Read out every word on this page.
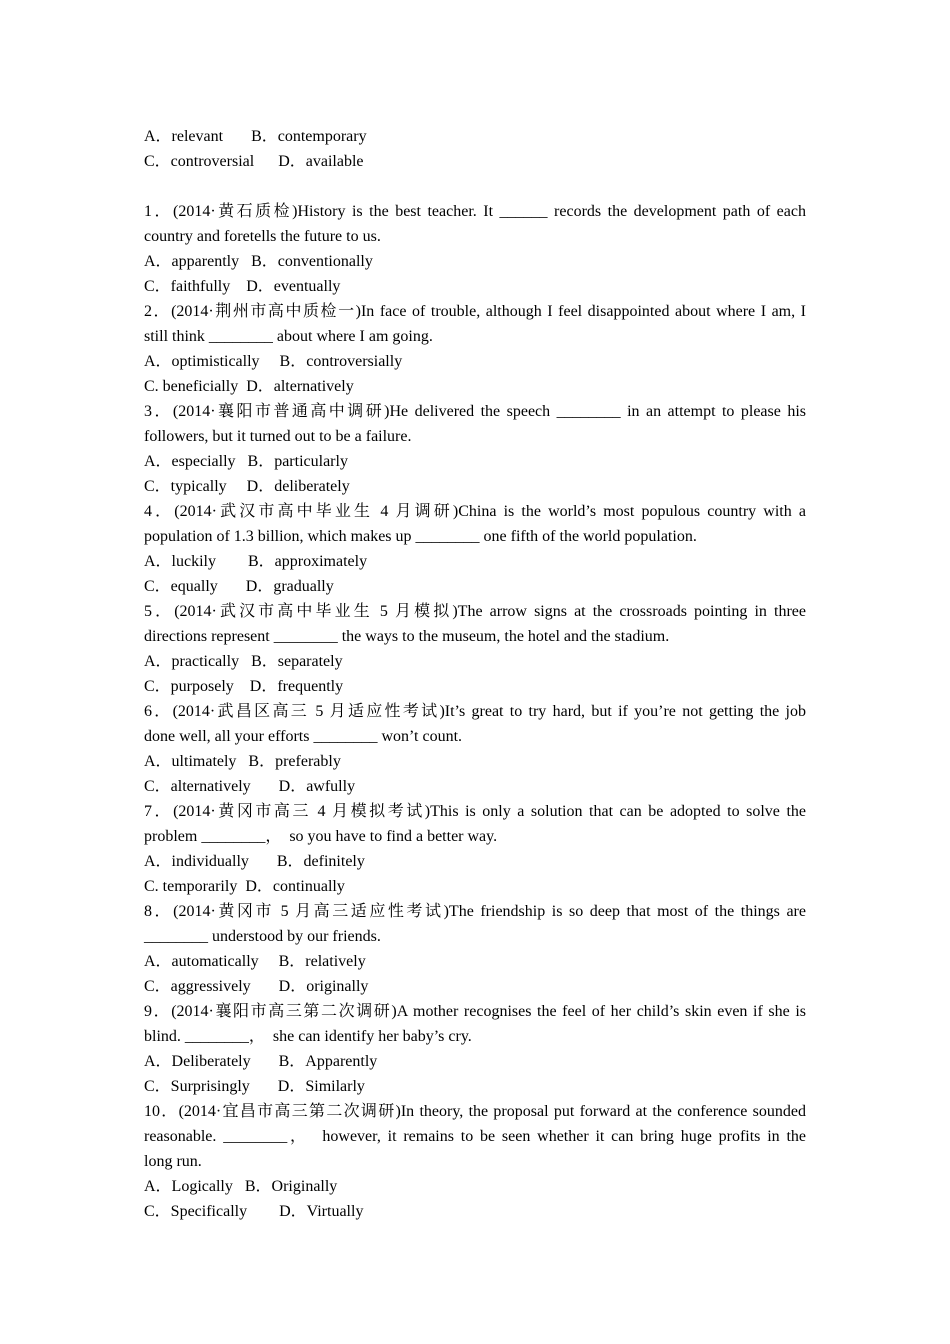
A．relevant       B．contemporary
C．controversial      D．available
1．(2014·黄石质检)History is the best teacher. It ______ records the development path of each
country and foretells the future to us.
A．apparently   B．conventionally
C．faithfully    D．eventually
2．(2014·荆州市高中质检一)In face of trouble, although I feel disappointed about where I am, I
still think ________ about where I am going.
A．optimistically     B．controversially
C. beneficially  D．alternatively
3．(2014·襄阳市普通高中调研)He delivered the speech ________ in an attempt to please his
followers, but it turned out to be a failure.
A．especially   B．particularly
C．typically     D．deliberately
4．(2014·武汉市高中毕业生 4 月调研)China is the world’s most populous country with a
population of 1.3 billion, which makes up ________ one fifth of the world population.
A．luckily        B．approximately
C．equally       D．gradually
5．(2014·武汉市高中毕业生 5 月模拟)The arrow signs at the crossroads pointing in three
directions represent ________ the ways to the museum, the hotel and the stadium.
A．practically   B．separately
C．purposely    D．frequently
6．(2014·武昌区高三 5 月适应性考试)It’s great to try hard, but if you’re not getting the job
done well, all your efforts ________ won’t count.
A．ultimately   B．preferably
C．alternatively       D．awfully
7．(2014·黄冈市高三 4 月模拟考试)This is only a solution that can be adopted to solve the
problem ________，  so you have to find a better way.
A．individually       B．definitely
C. temporarily  D．continually
8．(2014·黄冈市 5 月高三适应性考试)The friendship is so deep that most of the things are
________ understood by our friends.
A．automatically     B．relatively
C．aggressively       D．originally
9．(2014·襄阳市高三第二次调研)A mother recognises the feel of her child’s skin even if she is
blind. ________，  she can identify her baby’s cry.
A．Deliberately       B．Apparently
C．Surprisingly       D．Similarly
10．(2014·宜昌市高三第二次调研)In theory, the proposal put forward at the conference sounded
reasonable. ________，  however, it remains to be seen whether it can bring huge profits in the
long run.
A．Logically   B．Originally
C．Specifically        D．Virtually
